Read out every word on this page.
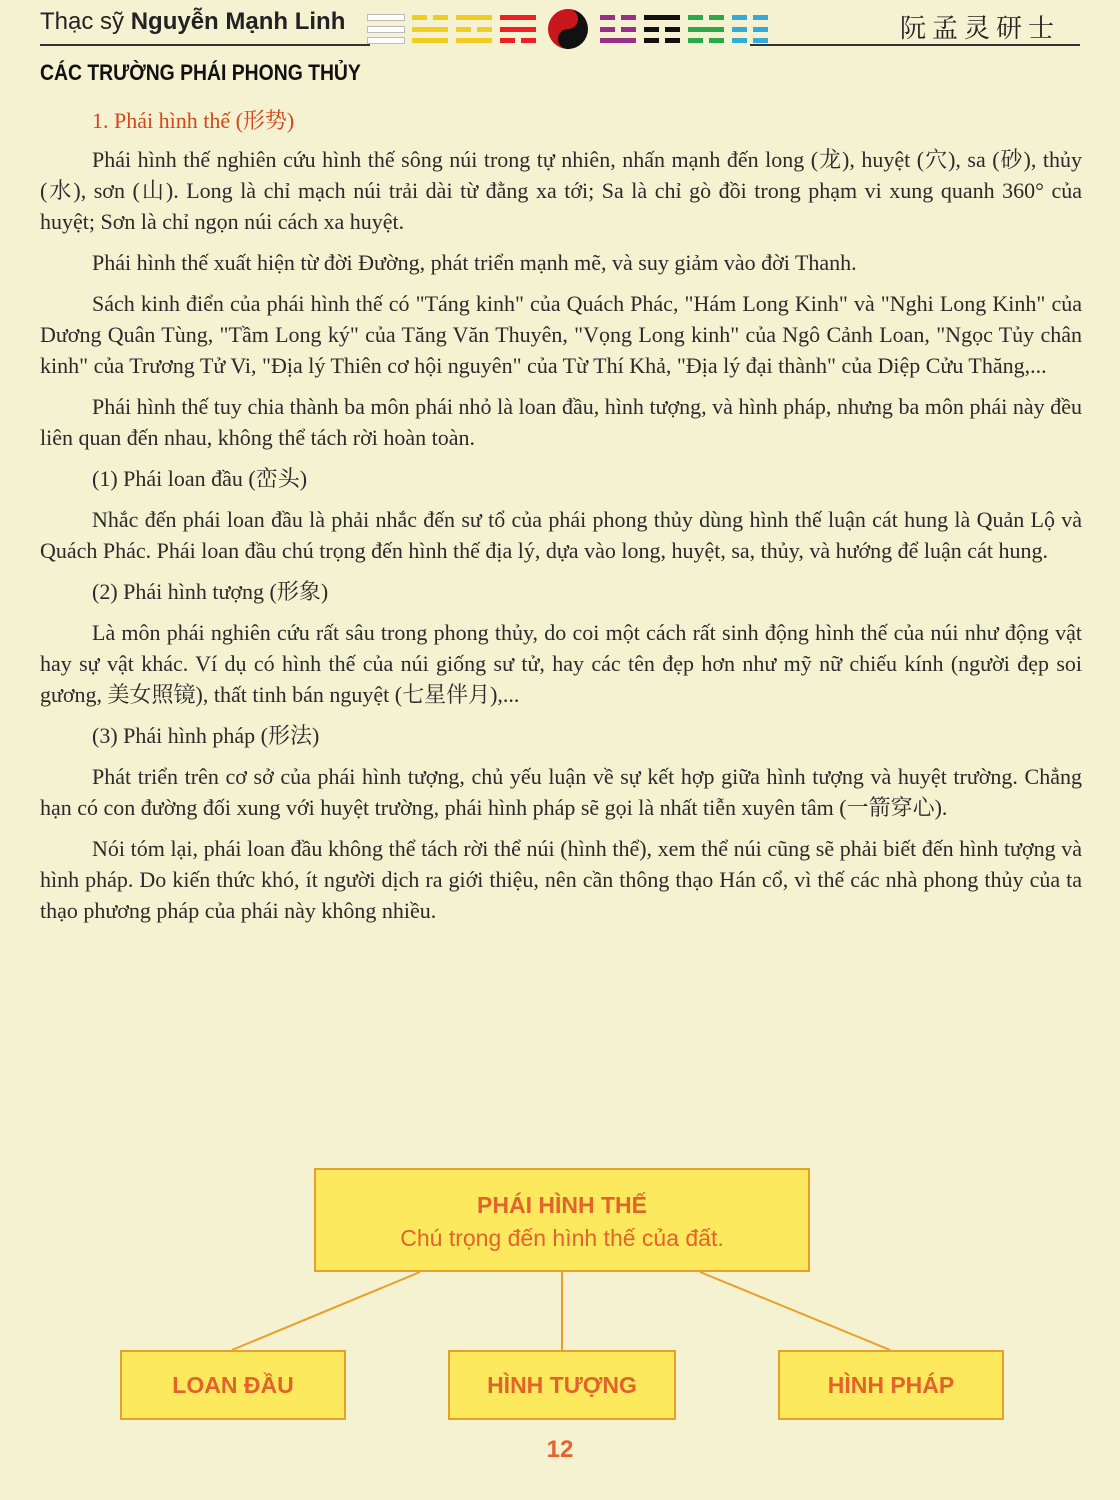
Thạc sỹ Nguyễn Mạnh Linh	阮孟灵研士
CÁC TRƯỜNG PHÁI PHONG THỦY
1. Phái hình thế (形势)

Phái hình thế nghiên cứu hình thế sông núi trong tự nhiên, nhấn mạnh đến long (龙), huyệt (穴), sa (砂), thủy (水), sơn (山). Long là chỉ mạch núi trải dài từ đằng xa tới; Sa là chỉ gò đồi trong phạm vi xung quanh 360° của huyệt; Sơn là chỉ ngọn núi cách xa huyệt.

Phái hình thế xuất hiện từ đời Đường, phát triển mạnh mẽ, và suy giảm vào đời Thanh.

Sách kinh điển của phái hình thế có "Táng kinh" của Quách Phác, "Hám Long Kinh" và "Nghi Long Kinh" của Dương Quân Tùng, "Tầm Long ký" của Tăng Văn Thuyên, "Vọng Long kinh" của Ngô Cảnh Loan, "Ngọc Tủy chân kinh" của Trương Tử Vi, "Địa lý Thiên cơ hội nguyên" của Từ Thí Khả, "Địa lý đại thành" của Diệp Cửu Thăng,...

Phái hình thế tuy chia thành ba môn phái nhỏ là loan đầu, hình tượng, và hình pháp, nhưng ba môn phái này đều liên quan đến nhau, không thể tách rời hoàn toàn.

(1) Phái loan đầu (峦头)

Nhắc đến phái loan đầu là phải nhắc đến sư tổ của phái phong thủy dùng hình thế luận cát hung là Quản Lộ và Quách Phác. Phái loan đầu chú trọng đến hình thế địa lý, dựa vào long, huyệt, sa, thủy, và hướng để luận cát hung.

(2) Phái hình tượng (形象)

Là môn phái nghiên cứu rất sâu trong phong thủy, do coi một cách rất sinh động hình thế của núi như động vật hay sự vật khác. Ví dụ có hình thế của núi giống sư tử, hay các tên đẹp hơn như mỹ nữ chiếu kính (người đẹp soi gương, 美女照镜), thất tinh bán nguyệt (七星伴月),...

(3) Phái hình pháp (形法)

Phát triển trên cơ sở của phái hình tượng, chủ yếu luận về sự kết hợp giữa hình tượng và huyệt trường. Chẳng hạn có con đường đối xung với huyệt trường, phái hình pháp sẽ gọi là nhất tiễn xuyên tâm (一箭穿心).

Nói tóm lại, phái loan đầu không thể tách rời thể núi (hình thể), xem thể núi cũng sẽ phải biết đến hình tượng và hình pháp. Do kiến thức khó, ít người dịch ra giới thiệu, nên cần thông thạo Hán cổ, vì thế các nhà phong thủy của ta thạo phương pháp của phái này không nhiều.

PHÁI HÌNH THẾ
Chú trọng đến hình thế của đất.
LOAN ĐẦU	HÌNH TƯỢNG	HÌNH PHÁP
12
